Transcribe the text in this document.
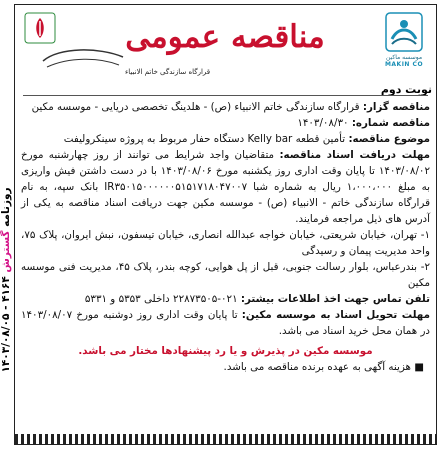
قرارگاه سازندگی خاتم الانبیاء
مناقصه عمومی
موسسه ماکین
MAKIN CO
نوبت دوم

مناقصه گزار: قرارگاه سازندگی خاتم الانبیاء (ص) - هلدینگ تخصصی دریایی - موسسه مکین

مناقصه شماره: ۱۴۰۳/۰۸/۳۰

موضوع مناقصه: تأمین قطعه Kelly bar دستگاه حفار مربوط به پروژه سینکرولیفت

مهلت دریافت اسناد مناقصه: متقاضیان واجد شرایط می توانند از روز چهارشنبه مورخ ۱۴۰۳/۰۸/۰۲ تا پایان وقت اداری روز یکشنبه مورخ ۱۴۰۳/۰۸/۰۶ با در دست داشتن فیش واریزی به مبلغ ۱،۰۰۰،۰۰۰ ریال به شماره شبا IR۳۵۰۱۵۰۰۰۰۰۰۵۱۵۱۷۱۸۰۴۷۰۰۷ بانک سپه، به نام قرارگاه سازندگی خاتم - الانبیاء (ص) - موسسه مکین جهت دریافت اسناد مناقصه به یکی از آدرس های ذیل مراجعه فرمایند.

۱- تهران، خیابان شریعتی، خیابان خواجه عبدالله انصاری، خیابان تیسفون، نبش ایروان، پلاک ۷۵، واحد مدیریت پیمان و رسیدگی

۲- بندرعباس، بلوار رسالت جنوبی، قبل از پل هوایی، کوچه بندر، پلاک ۴۵، مدیریت فنی موسسه مکین

تلفن تماس جهت اخذ اطلاعات بیشتر: ۰۲۱-۲۲۸۷۳۵۰۵ داخلی ۵۳۵۳ و ۵۳۳۱

مهلت تحویل اسناد به موسسه مکین: تا پایان وقت اداری روز دوشنبه مورخ ۱۴۰۳/۰۸/۰۷ در همان محل خرید اسناد می باشد.

موسسه مکین در پذیرش و یا رد پیشنهادها مختار می باشد.

■ هزینه آگهی به عهده برنده مناقصه می باشد.

روزنامه گسترش ۴۱۶۴ - ۱۴۰۳/۰۸/۰۵
